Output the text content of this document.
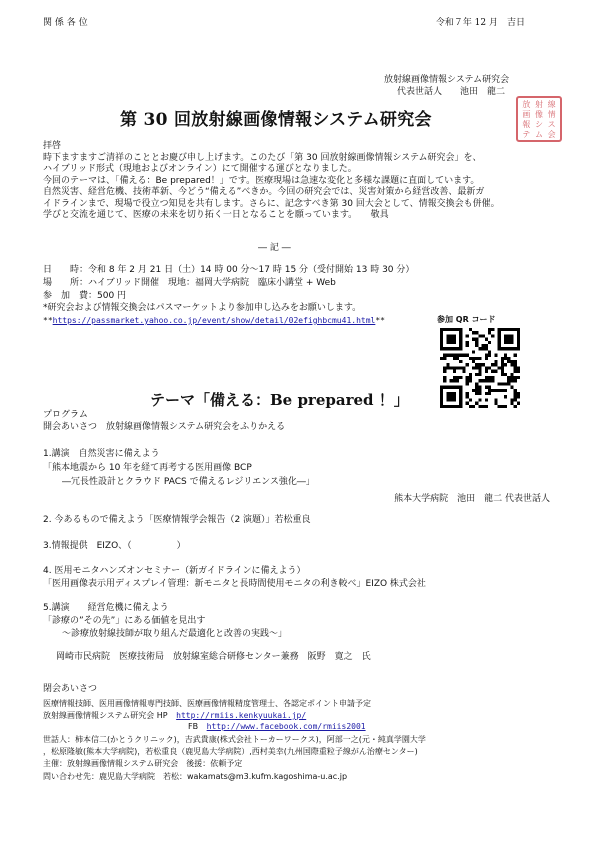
関 係 各 位	令和７年 12 月　吉日
放射線画像情報システム研究会
代表世話人　　池田　龍二
放 射 線
画 像 情
報 シ ス
テ ム 会
第 30 回放射線画像情報システム研究会
拝啓
時下ますますご清祥のこととお慶び申し上げます。このたび「第 30 回放射線画像情報システム研究会」を、
ハイブリッド形式（現地およびオンライン）にて開催する運びとなりました。
今回のテーマは、「備える：Be prepared！」です。医療現場は急速な変化と多様な課題に直面しています。
自然災害、経営危機、技術革新、今どう“備える”べきか。今回の研究会では、災害対策から経営改善、最新ガ
イドラインまで、現場で役立つ知見を共有します。さらに、記念すべき第 30 回大会として、情報交換会も併催。
学びと交流を通じて、医療の未来を切り拓く一日となることを願っています。　　敬具
― 記 ―
日　　時：令和 8 年 2 月 21 日（土）14 時 00 分～17 時 15 分（受付開始 13 時 30 分）
場　　所：ハイブリッド開催　現地：福岡大学病院　臨床小講堂 + Web
参　加　費：500 円
*研究会および情報交換会はパスマーケットより参加申し込みをお願いします。
**https://passmarket.yahoo.co.jp/event/show/detail/02efighbcmu41.html**	参加 QR コード
テーマ「備える：Be prepared ！」
プログラム
開会あいさつ　放射線画像情報システム研究会をふりかえる
1.講演　自然災害に備えよう
「熊本地震から 10 年を経て再考する医用画像 BCP
―冗長性設計とクラウド PACS で備えるレジリエンス強化―」
熊本大学病院　池田　龍二 代表世話人
2. 今あるもので備えよう「医療情報学会報告（2 演題）」若松重良
3.情報提供　EIZO、（　　　　　）
4. 医用モニタハンズオンセミナー（新ガイドラインに備えよう）
「医用画像表示用ディスプレイ管理：新モニタと長時間使用モニタの利き較べ」EIZO 株式会社
5.講演　　経営危機に備えよう
「診療の”その先”」にある価値を見出す
～診療放射線技師が取り組んだ最適化と改善の実践～」
岡崎市民病院　医療技術局　放射線室総合研修センター兼務　阪野　寛之　氏
閉会あいさつ
医療情報技師、医用画像情報専門技師、医療画像情報精度管理士、各認定ポイント申請予定
放射線画像情報システム研究会 HP http://rmiis.kenkyuukai.jp/
FB http://www.facebook.com/rmiis2001
世話人：柿本信二(かとうクリニック)，吉武貴康(株式会社トーカーワークス)，阿部一之(元・純真学園大学
，松原隆敏(熊本大学病院)，若松重良（鹿児島大学病院）,西村美幸(九州国際重粒子線がん治療センター)
主催：放射線画像情報システム研究会　後援：依頼予定
問い合わせ先：鹿児島大学病院　若松：wakamats@m3.kufm.kagoshima-u.ac.jp
